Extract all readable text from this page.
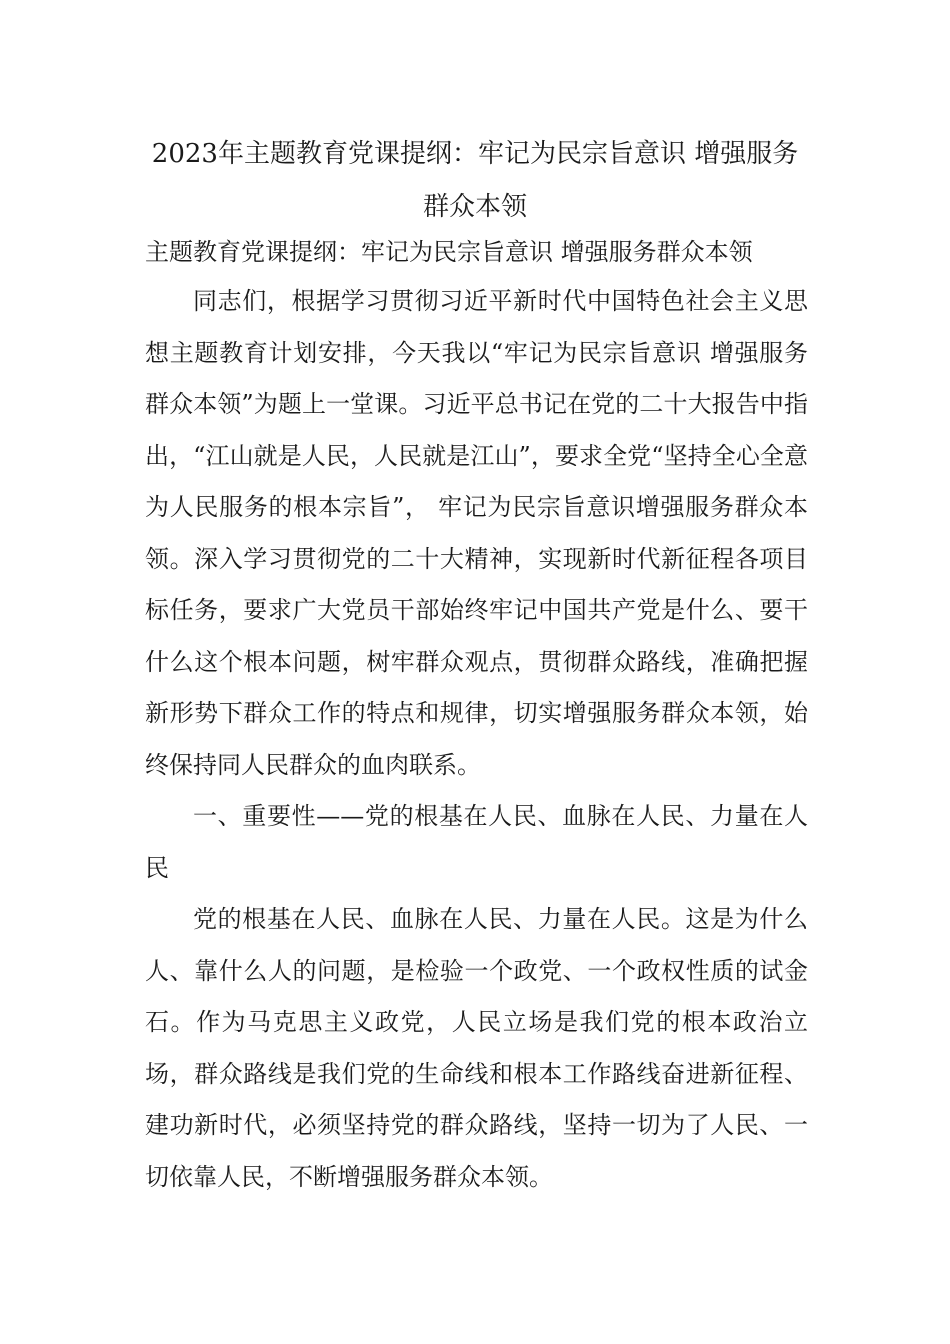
2023年主题教育党课提纲：牢记为民宗旨意识 增强服务群众本领

主题教育党课提纲：牢记为民宗旨意识 增强服务群众本领

同志们，根据学习贯彻习近平新时代中国特色社会主义思想主题教育计划安排，今天我以“牢记为民宗旨意识 增强服务群众本领”为题上一堂课。习近平总书记在党的二十大报告中指出，“江山就是人民，人民就是江山”，要求全党“坚持全心全意为人民服务的根本宗旨”， 牢记为民宗旨意识增强服务群众本领。深入学习贯彻党的二十大精神，实现新时代新征程各项目标任务，要求广大党员干部始终牢记中国共产党是什么、要干什么这个根本问题，树牢群众观点，贯彻群众路线，准确把握新形势下群众工作的特点和规律，切实增强服务群众本领，始终保持同人民群众的血肉联系。

一、重要性——党的根基在人民、血脉在人民、力量在人民

党的根基在人民、血脉在人民、力量在人民。这是为什么人、靠什么人的问题，是检验一个政党、一个政权性质的试金石。作为马克思主义政党，人民立场是我们党的根本政治立场，群众路线是我们党的生命线和根本工作路线奋进新征程、建功新时代，必须坚持党的群众路线，坚持一切为了人民、一切依靠人民，不断增强服务群众本领。
